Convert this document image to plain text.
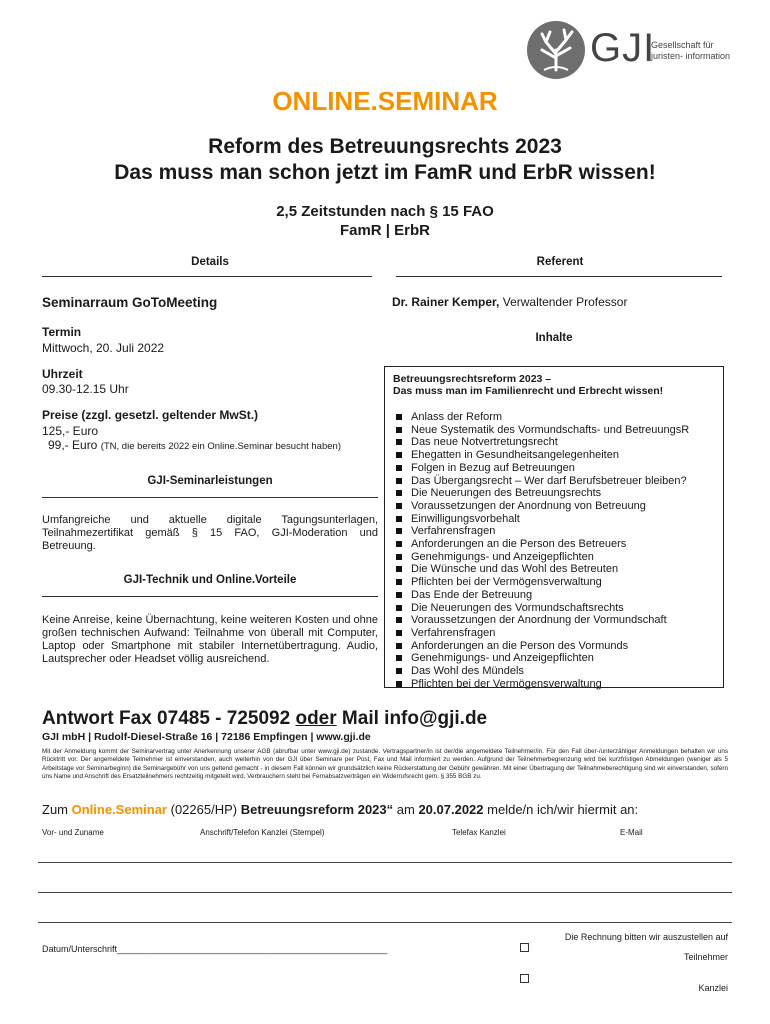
GJI
Gesellschaft für
juristen- information
ONLINE.SEMINAR
Reform des Betreuungsrechts 2023
Das muss man schon jetzt im FamR und ErbR wissen!
2,5 Zeitstunden nach § 15 FAO
FamR | ErbR
Details
Seminarraum GoToMeeting
Termin
Mittwoch, 20. Juli 2022
Uhrzeit
09.30-12.15 Uhr
Preise (zzgl. gesetzl. geltender MwSt.)
125,- Euro
99,- Euro (TN, die bereits 2022 ein Online.Seminar besucht haben)
GJI-Seminarleistungen
Umfangreiche und aktuelle digitale Tagungsunterlagen, Teilnahmezertifikat gemäß § 15 FAO, GJI-Moderation und Betreuung.
GJI-Technik und Online.Vorteile
Keine Anreise, keine Übernachtung, keine weiteren Kosten und ohne großen technischen Aufwand: Teilnahme von überall mit Computer, Laptop oder Smartphone mit stabiler Internetübertragung. Audio, Lautsprecher oder Headset völlig ausreichend.
Referent
Dr. Rainer Kemper, Verwaltender Professor
Inhalte
Betreuungsrechtsreform 2023 –
Das muss man im Familienrecht und Erbrecht wissen!
Anlass der Reform
Neue Systematik des Vormundschafts- und BetreuungsR
Das neue Notvertretungsrecht
Ehegatten in Gesundheitsangelegenheiten
Folgen in Bezug auf Betreuungen
Das Übergangsrecht – Wer darf Berufsbetreuer bleiben?
Die Neuerungen des Betreuungsrechts
Voraussetzungen der Anordnung von Betreuung
Einwilligungsvorbehalt
Verfahrensfragen
Anforderungen an die Person des Betreuers
Genehmigungs- und Anzeigepflichten
Die Wünsche und das Wohl des Betreuten
Pflichten bei der Vermögensverwaltung
Das Ende der Betreuung
Die Neuerungen des Vormundschaftsrechts
Voraussetzungen der Anordnung der Vormundschaft
Verfahrensfragen
Anforderungen an die Person des Vormunds
Genehmigungs- und Anzeigepflichten
Das Wohl des Mündels
Pflichten bei der Vermögensverwaltung
Antwort Fax 07485 - 725092 oder Mail info@gji.de
GJI mbH | Rudolf-Diesel-Straße 16 | 72186 Empfingen | www.gji.de
Mit der Anmeldung kommt der Seminarvertrag unter Anerkennung unserer AGB (abrufbar unter www.gji.de) zustande. Vertragspartner/in ist der/die angemeldete Teilnehmer/in. Für den Fall über-/unterzähliger Anmeldungen behalten wir uns Rücktritt vor. Der angemeldete Teilnehmer ist einverstanden, auch weiterhin von der GJI über Seminare per Post, Fax und Mail informiert zu werden. Aufgrund der Teilnehmerbegrenzung wird bei kurzfristigen Abmeldungen (weniger als 5 Arbeitstage vor Seminarbeginn) die Seminargebühr von uns geltend gemacht - in diesem Fall können wir grundsätzlich keine Rückerstattung der Gebühr gewähren. Mit einer Übertragung der Teilnahmeberechtigung sind wir einverstanden, sofern uns Name und Anschrift des Ersatzteilnehmers rechtzeitig mitgeteilt wird. Verbrauchern steht bei Fernabsatzverträgen ein Widerrufsrecht gem. § 355 BGB zu.
Zum Online.Seminar (02265/HP) Betreuungsreform 2023“ am 20.07.2022 melde/n ich/wir hiermit an:
Vor- und Zuname	Anschrift/Telefon Kanzlei (Stempel)	Telefax Kanzlei	E-Mail
Datum/Unterschrift______________________________________________________
Die Rechnung bitten wir auszustellen auf
Teilnehmer

Kanzlei
